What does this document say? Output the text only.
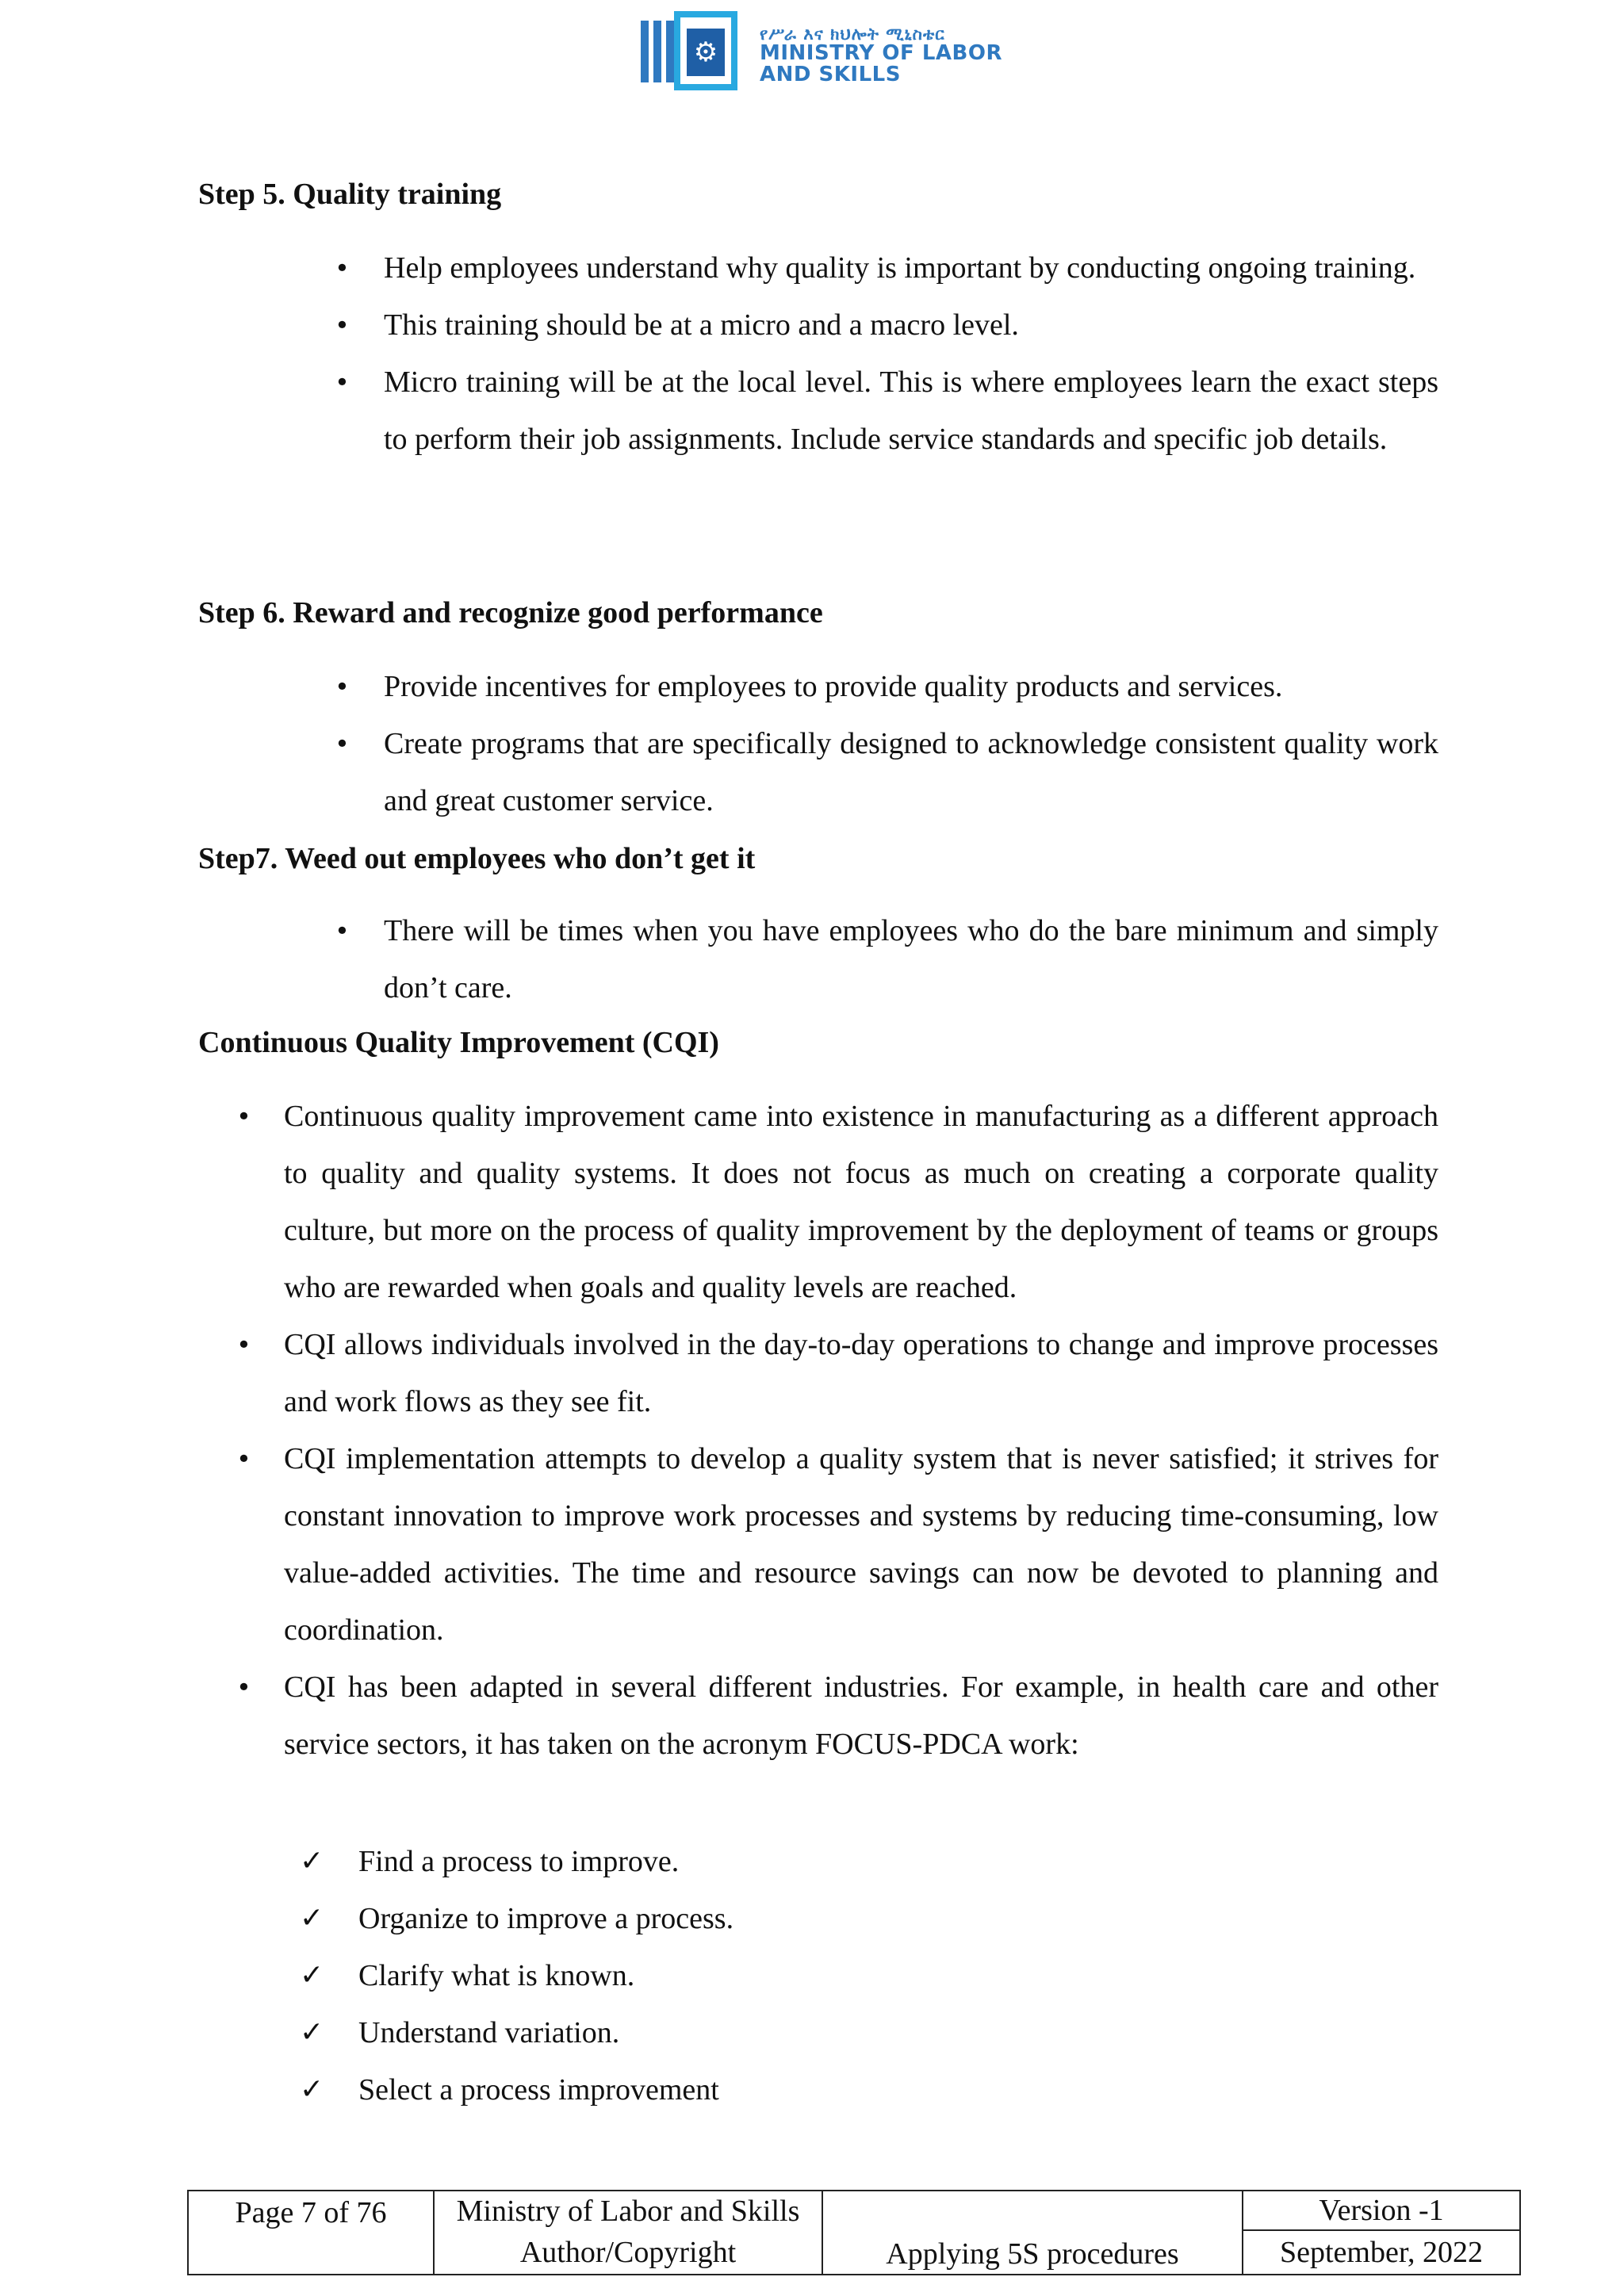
⚙
የሥራ እና ክህሎት ሚኒስቴር
MINISTRY OF LABOR
AND SKILLS
Step 5. Quality training
• Help employees understand why quality is important by conducting ongoing training.
• This training should be at a micro and a macro level.
• Micro training will be at the local level. This is where employees learn the exact steps to perform their job assignments. Include service standards and specific job details.
Step 6. Reward and recognize good performance
• Provide incentives for employees to provide quality products and services.
• Create programs that are specifically designed to acknowledge consistent quality work and great customer service.
Step7. Weed out employees who don’t get it
• There will be times when you have employees who do the bare minimum and simply don’t care.
Continuous Quality Improvement (CQI)
• Continuous quality improvement came into existence in manufacturing as a different approach to quality and quality systems. It does not focus as much on creating a corporate quality culture, but more on the process of quality improvement by the deployment of teams or groups who are rewarded when goals and quality levels are reached.
• CQI allows individuals involved in the day-to-day operations to change and improve processes and work flows as they see fit.
• CQI implementation attempts to develop a quality system that is never satisfied; it strives for constant innovation to improve work processes and systems by reducing time-consuming, low value-added activities. The time and resource savings can now be devoted to planning and coordination.
• CQI has been adapted in several different industries. For example, in health care and other service sectors, it has taken on the acronym FOCUS-PDCA work:
✓ Find a process to improve.
✓ Organize to improve a process.
✓ Clarify what is known.
✓ Understand variation.
✓ Select a process improvement
Page 7 of 76	Ministry of Labor and Skills	Applying 5S procedures	Version -1
	Author/Copyright		September, 2022
